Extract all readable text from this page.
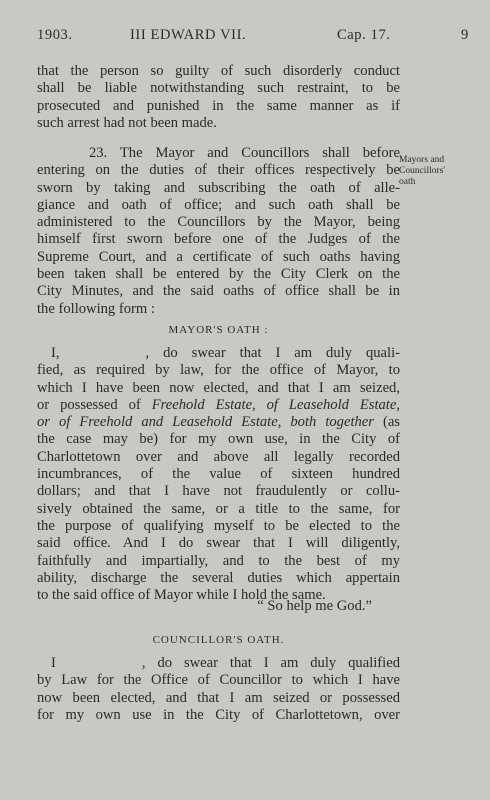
1903.	III EDWARD VII.	Cap. 17.	9
that the person so guilty of such disorderly conduct
shall be liable notwithstanding such restraint, to be
prosecuted and punished in the same manner as if
such arrest had not been made.
23. The Mayor and Councillors shall before
entering on the duties of their offices respectively be
sworn by taking and subscribing the oath of alle-
giance and oath of office; and such oath shall be
administered to the Councillors by the Mayor, being
himself first sworn before one of the Judges of the
Supreme Court, and a certificate of such oaths having
been taken shall be entered by the City Clerk on the
City Minutes, and the said oaths of office shall be in
the following form :
Mayors and
Councillors'
oath
MAYOR'S OATH :
I,	, do swear that I am duly quali-
fied, as required by law, for the office of Mayor, to
which I have been now elected, and that I am seized,
or possessed of Freehold Estate, of Leasehold Estate,
or of Freehold and Leasehold Estate, both together (as
the case may be) for my own use, in the City of
Charlottetown over and above all legally recorded
incumbrances, of the value of sixteen hundred
dollars; and that I have not fraudulently or collu-
sively obtained the same, or a title to the same, for
the purpose of qualifying myself to be elected to the
said office. And I do swear that I will diligently,
faithfully and impartially, and to the best of my
ability, discharge the several duties which appertain
to the said office of Mayor while I hold the same.
“ So help me God.”
COUNCILLOR'S OATH.
I	, do swear that I am duly qualified
by Law for the Office of Councillor to which I have
now been elected, and that I am seized or possessed
for my own use in the City of Charlottetown, over
